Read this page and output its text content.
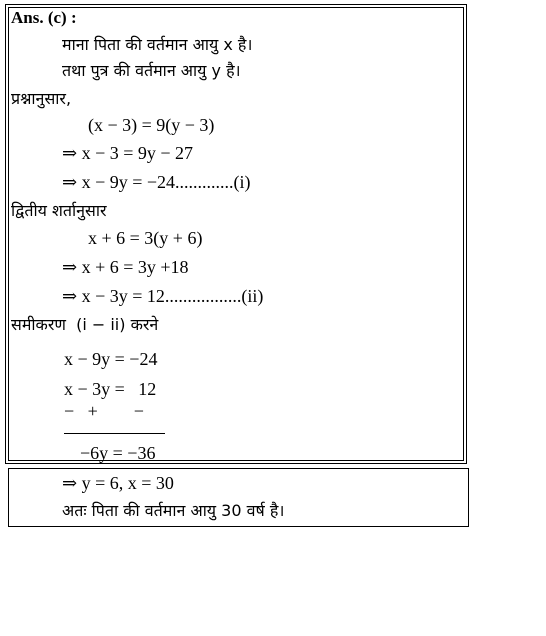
Ans. (c) :
माना पिता की वर्तमान आयु x है।
तथा पुत्र की वर्तमान आयु y है।
प्रश्नानुसार,
(x − 3) = 9(y − 3)
⇒ x − 3 = 9y − 27
⇒ x − 9y = −24.............(i)
द्वितीय शर्तानुसार
x + 6 = 3(y + 6)
⇒ x + 6 = 3y +18
⇒ x − 3y = 12.................(ii)
समीकरण  (i − ii) करने
x − 9y = −24
x − 3y =   12
−   +        −
−6y = −36
⇒ y = 6, x = 30
अतः पिता की वर्तमान आयु 30 वर्ष है।
